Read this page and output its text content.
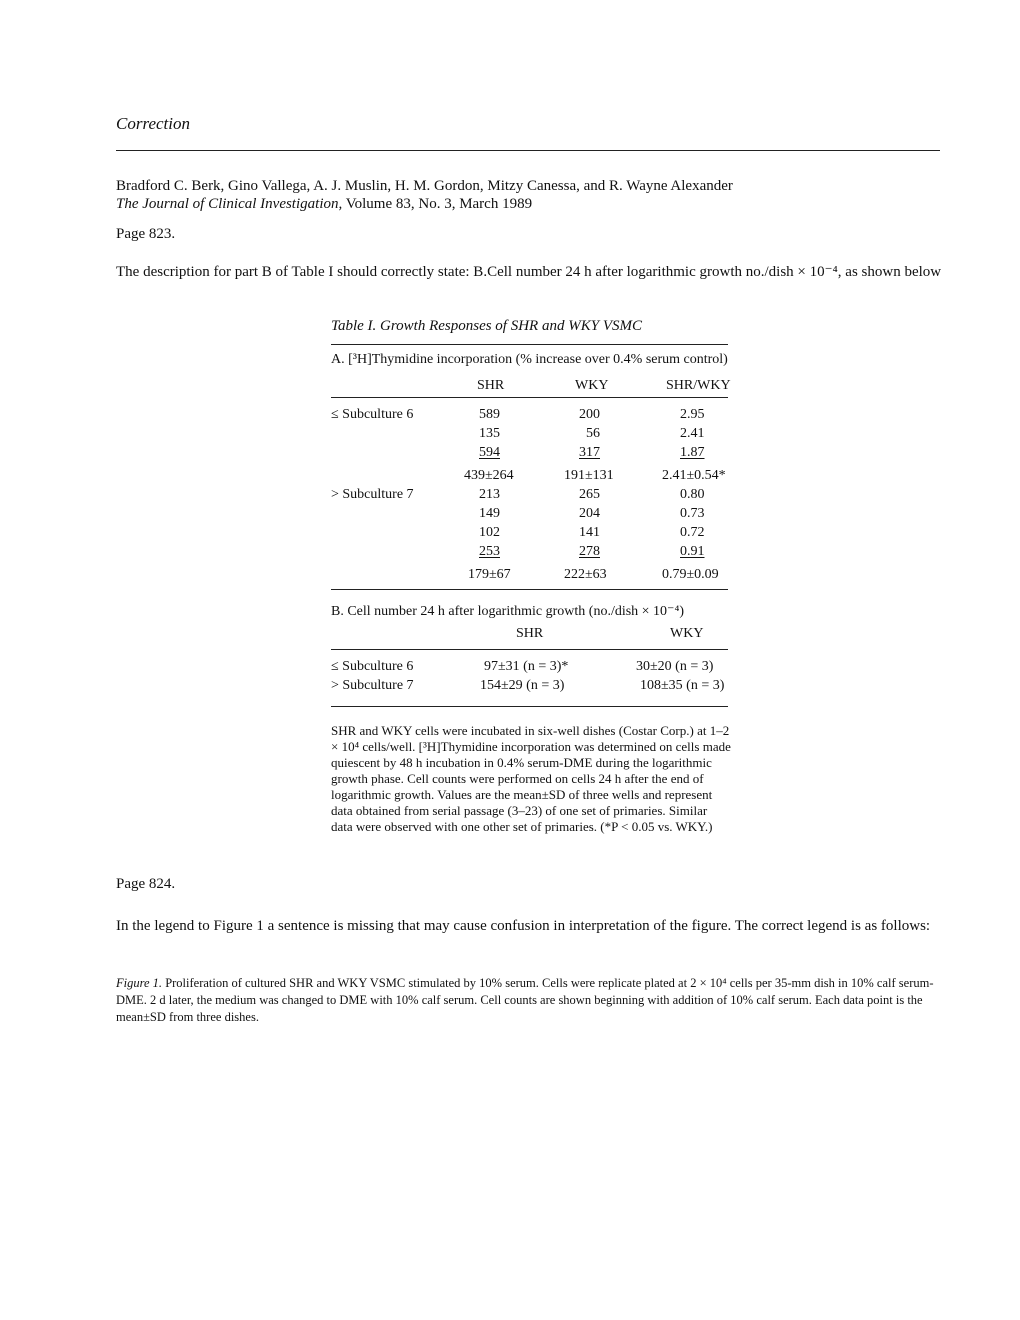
Correction
Bradford C. Berk, Gino Vallega, A. J. Muslin, H. M. Gordon, Mitzy Canessa, and R. Wayne Alexander
The Journal of Clinical Investigation, Volume 83, No. 3, March 1989
Page 823.
The description for part B of Table I should correctly state: B.Cell number 24 h after logarithmic growth no./dish × 10⁻⁴, as shown below
Table I. Growth Responses of SHR and WKY VSMC
A. [³H]Thymidine incorporation (% increase over 0.4% serum control)
SHR	WKY	SHR/WKY
≤ Subculture 6	589	200	2.95
135	56	2.41
594	317	1.87
439±264	191±131	2.41±0.54*
> Subculture 7	213	265	0.80
149	204	0.73
102	141	0.72
253	278	0.91
179±67	222±63	0.79±0.09
B. Cell number 24 h after logarithmic growth (no./dish × 10⁻⁴)
SHR	WKY
≤ Subculture 6	97±31 (n = 3)*	30±20 (n = 3)
> Subculture 7	154±29 (n = 3)	108±35 (n = 3)
SHR and WKY cells were incubated in six-well dishes (Costar Corp.) at 1–2 × 10⁴ cells/well. [³H]Thymidine incorporation was determined on cells made quiescent by 48 h incubation in 0.4% serum-DME during the logarithmic growth phase. Cell counts were performed on cells 24 h after the end of logarithmic growth. Values are the mean±SD of three wells and represent data obtained from serial passage (3–23) of one set of primaries. Similar data were observed with one other set of primaries. (*P < 0.05 vs. WKY.)
Page 824.
In the legend to Figure 1 a sentence is missing that may cause confusion in interpretation of the figure. The correct legend is as follows:
Figure 1. Proliferation of cultured SHR and WKY VSMC stimulated by 10% serum. Cells were replicate plated at 2 × 10⁴ cells per 35-mm dish in 10% calf serum-DME. 2 d later, the medium was changed to DME with 10% calf serum. Cell counts are shown beginning with addition of 10% calf serum. Each data point is the mean±SD from three dishes.
